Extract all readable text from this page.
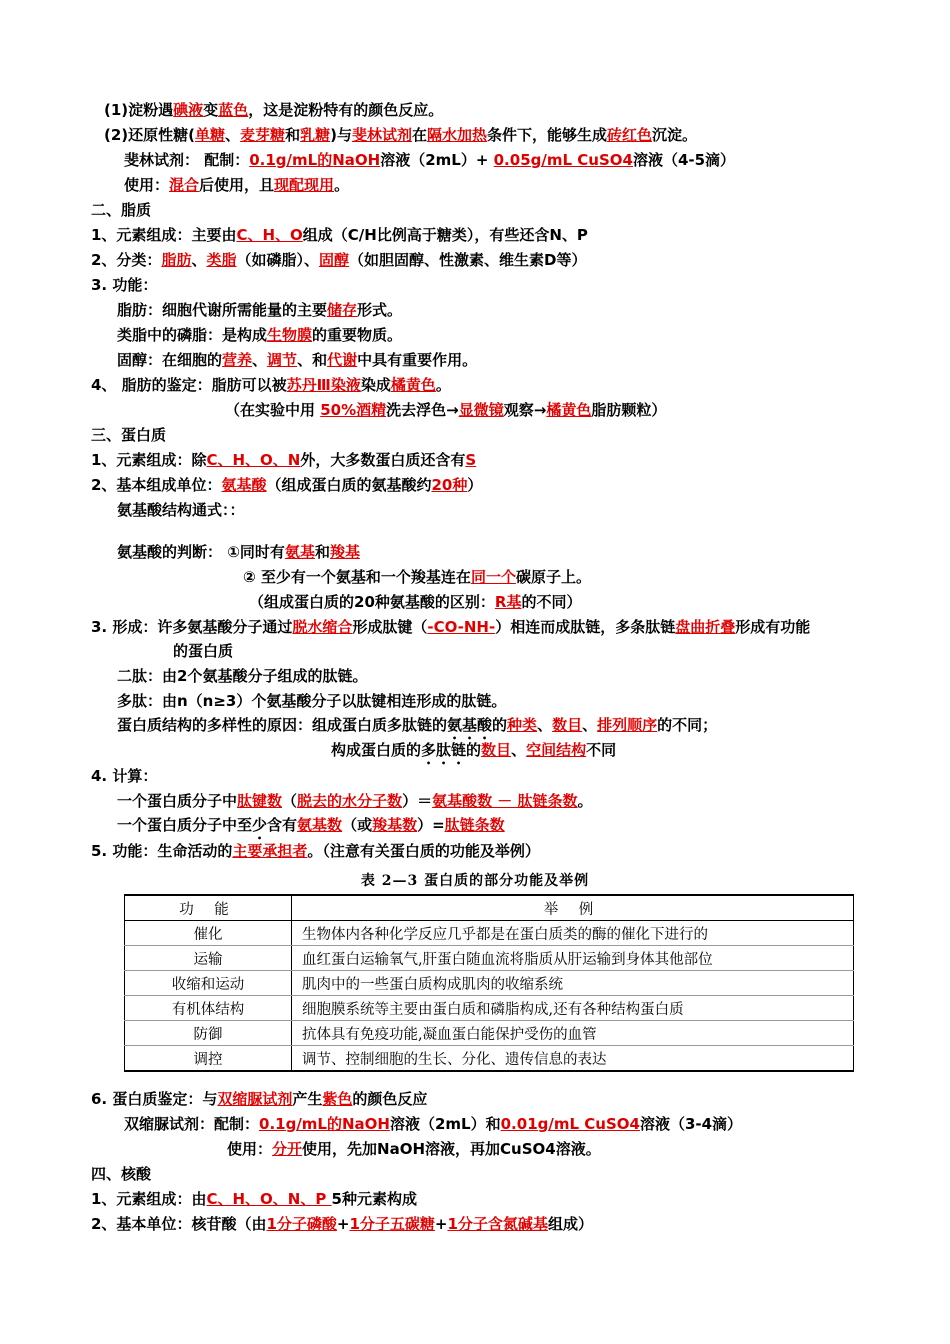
(1)淀粉遇碘液变蓝色，这是淀粉特有的颜色反应。
(2)还原性糖(单糖、麦芽糖和乳糖)与斐林试剂在隔水加热条件下，能够生成砖红色沉淀。
斐林试剂： 配制：0.1g/mL的NaOH溶液（2mL）+ 0.05g/mL CuSO4溶液（4-5滴）
使用：混合后使用，且现配现用。
二、脂质
1、元素组成：主要由C、H、O组成（C/H比例高于糖类），有些还含N、P
2、分类：脂肪、类脂（如磷脂）、固醇（如胆固醇、性激素、维生素D等）
3. 功能：
脂肪：细胞代谢所需能量的主要储存形式。
类脂中的磷脂：是构成生物膜的重要物质。
固醇：在细胞的营养、调节、和代谢中具有重要作用。
4、 脂肪的鉴定：脂肪可以被苏丹Ⅲ染液染成橘黄色。
（在实验中用 50%酒精洗去浮色→显微镜观察→橘黄色脂肪颗粒）
三、蛋白质
1、元素组成：除C、H、O、N外，大多数蛋白质还含有S
2、基本组成单位：氨基酸（组成蛋白质的氨基酸约20种）
氨基酸结构通式：：
氨基酸的判断： ①同时有氨基和羧基
② 至少有一个氨基和一个羧基连在同一个碳原子上。
（组成蛋白质的20种氨基酸的区别：R基的不同）
3. 形成：许多氨基酸分子通过脱水缩合形成肽键（-CO-NH-）相连而成肽链，多条肽链盘曲折叠形成有功能
的蛋白质
二肽：由2个氨基酸分子组成的肽链。
多肽：由n（n≥3）个氨基酸分子以肽键相连形成的肽链。
蛋白质结构的多样性的原因：组成蛋白质多肽链的氨基酸的种类、数目、排列顺序的不同；
构成蛋白质的多肽链的数目、空间结构不同
4. 计算：
一个蛋白质分子中肽键数（脱去的水分子数）＝氨基酸数 － 肽链条数。
一个蛋白质分子中至少含有氨基数（或羧基数）=肽链条数
5. 功能：生命活动的主要承担者。（注意有关蛋白质的功能及举例）
表 2—3 蛋白质的部分功能及举例
功 能	举 例
催化	生物体内各种化学反应几乎都是在蛋白质类的酶的催化下进行的
运输	血红蛋白运输氧气,肝蛋白随血流将脂质从肝运输到身体其他部位
收缩和运动	肌肉中的一些蛋白质构成肌肉的收缩系统
有机体结构	细胞膜系统等主要由蛋白质和磷脂构成,还有各种结构蛋白质
防御	抗体具有免疫功能,凝血蛋白能保护受伤的血管
调控	调节、控制细胞的生长、分化、遗传信息的表达
6. 蛋白质鉴定：与双缩脲试剂产生紫色的颜色反应
双缩脲试剂：配制：0.1g/mL的NaOH溶液（2mL）和0.01g/mL CuSO4溶液（3-4滴）
使用：分开使用，先加NaOH溶液，再加CuSO4溶液。
四、核酸
1、元素组成：由C、H、O、N、P 5种元素构成
2、基本单位：核苷酸（由1分子磷酸+1分子五碳糖+1分子含氮碱基组成）
